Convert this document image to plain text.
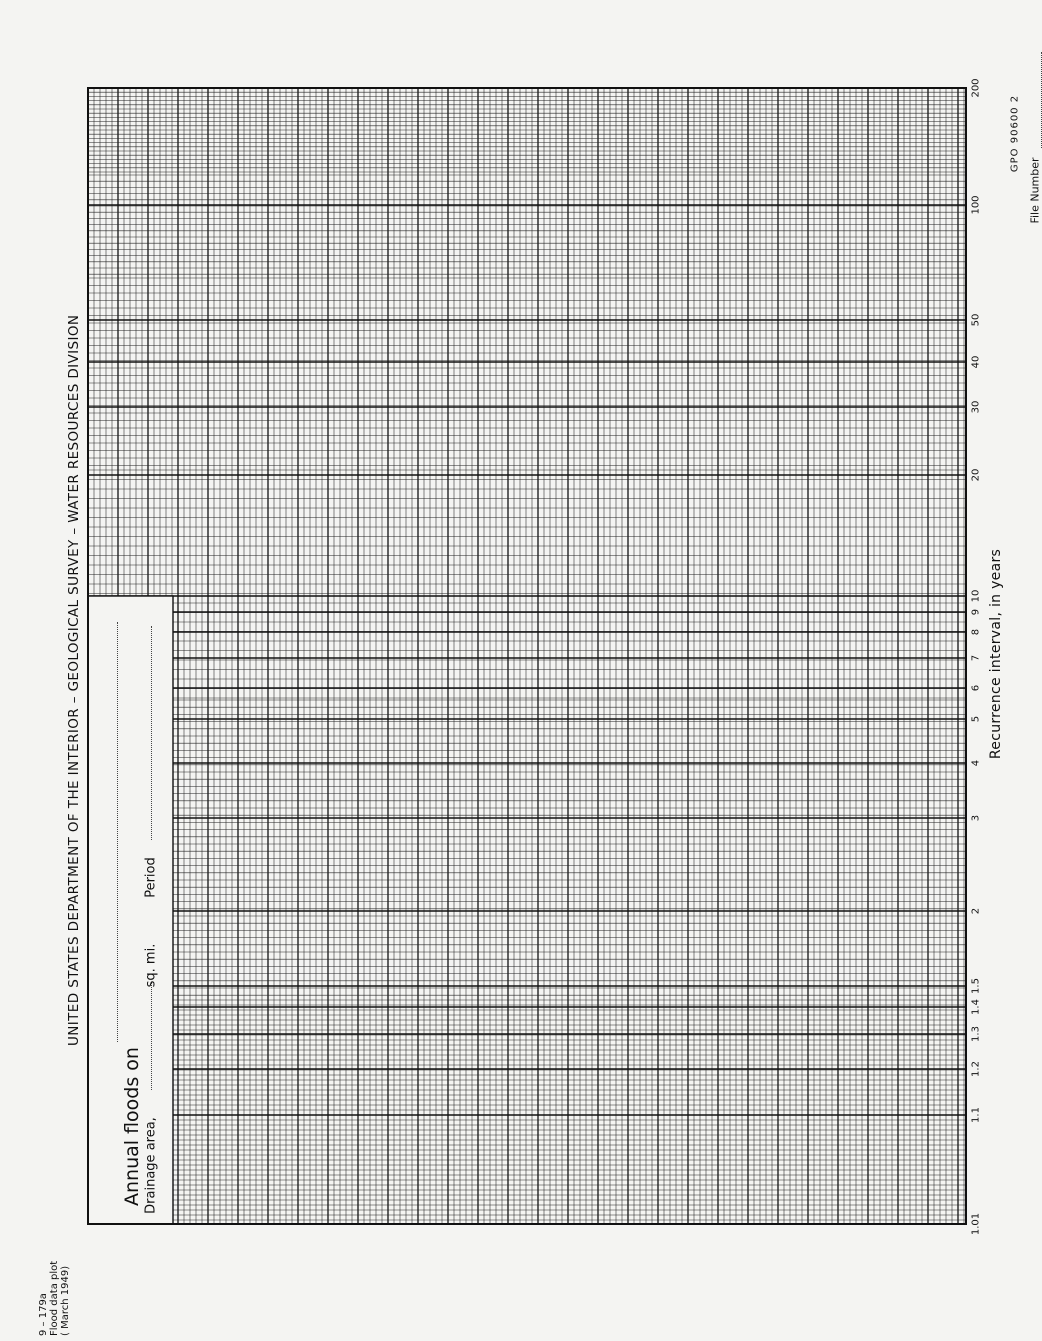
UNITED STATES DEPARTMENT OF THE INTERIOR – GEOLOGICAL SURVEY – WATER RESOURCES DIVISION
File Number
9 – 179a
Flood data plot
( March 1949)
Annual floods on Drainage area,
sq. mi.
Period
Recurrence interval, in years
GPO 90600 2
1.01
1.1
1.2
1.3
1.4
1.5
2
3
4
5
6
7
8
9
10
20
30
40
50
100
200
